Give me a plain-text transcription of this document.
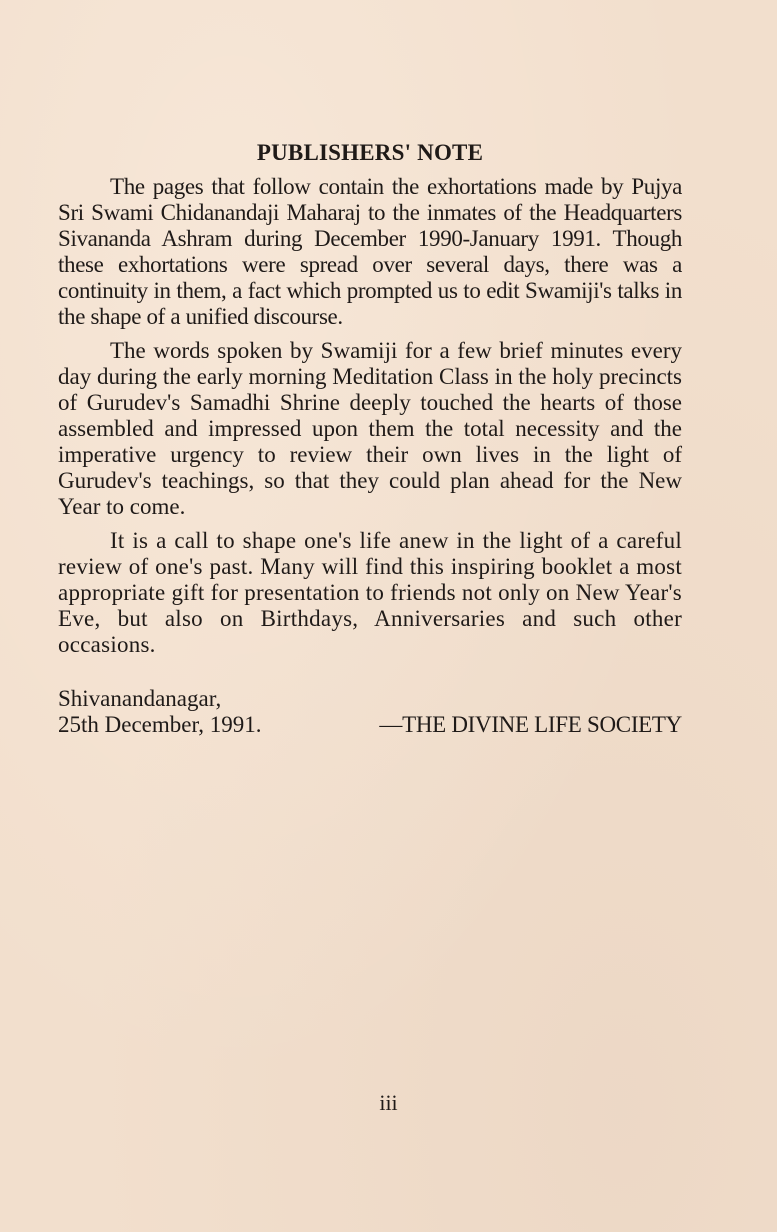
PUBLISHERS' NOTE

The pages that follow contain the exhortations made by Pujya Sri Swami Chidanandaji Maharaj to the inmates of the Headquarters Sivananda Ashram during December 1990-January 1991. Though these exhortations were spread over several days, there was a continuity in them, a fact which prompted us to edit Swamiji's talks in the shape of a unified discourse.

The words spoken by Swamiji for a few brief minutes every day during the early morning Meditation Class in the holy precincts of Gurudev's Samadhi Shrine deeply touched the hearts of those assembled and impressed upon them the total necessity and the imperative urgency to review their own lives in the light of Gurudev's teachings, so that they could plan ahead for the New Year to come.

It is a call to shape one's life anew in the light of a careful review of one's past. Many will find this inspiring booklet a most appropriate gift for presentation to friends not only on New Year's Eve, but also on Birthdays, Anniversaries and such other occasions.

Shivanandanagar,
25th December, 1991.	—THE DIVINE LIFE SOCIETY
iii
